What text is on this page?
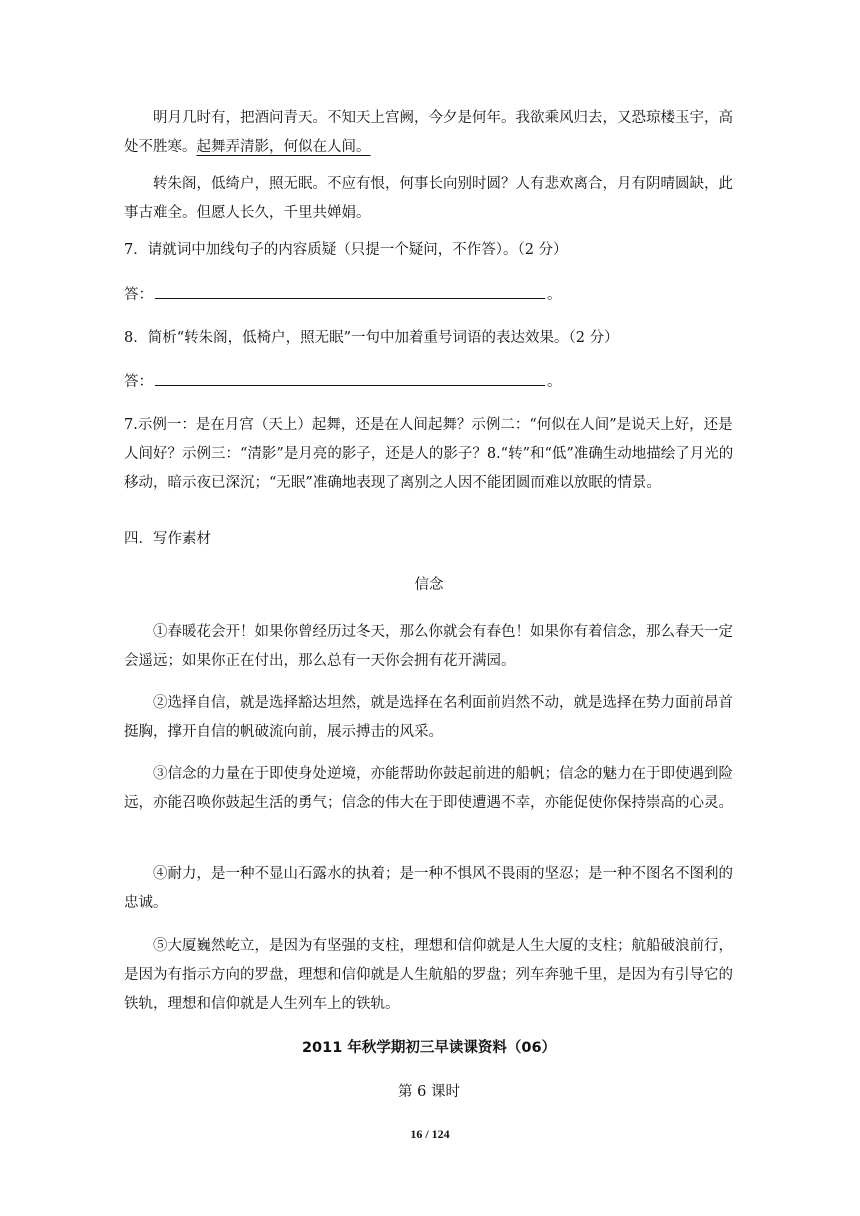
明月几时有，把酒问青天。不知天上宫阙，今夕是何年。我欲乘风归去，又恐琼楼玉宇，高处不胜寒。起舞弄清影，何似在人间。

转朱阁，低绮户，照无眠。不应有恨，何事长向别时圆？人有悲欢离合，月有阴晴圆缺，此事古难全。但愿人长久，千里共婵娟。

7．请就词中加线句子的内容质疑（只提一个疑问，不作答）。（2 分）

答：	。

8．简析“转朱阁，低椅户，照无眠”一句中加着重号词语的表达效果。（2 分）

答：	。

7.示例一：是在月宫（天上）起舞，还是在人间起舞？示例二：“何似在人间”是说天上好，还是人间好？示例三：“清影”是月亮的影子，还是人的影子？8.“转”和“低”准确生动地描绘了月光的移动，暗示夜已深沉；“无眠”准确地表现了离别之人因不能团圆而难以放眠的情景。

四．写作素材

信念

①春暖花会开！如果你曾经历过冬天，那么你就会有春色！如果你有着信念，那么春天一定会遥远；如果你正在付出，那么总有一天你会拥有花开满园。

②选择自信，就是选择豁达坦然，就是选择在名利面前岿然不动，就是选择在势力面前昂首挺胸，撑开自信的帆破流向前，展示搏击的风采。

③信念的力量在于即使身处逆境，亦能帮助你鼓起前进的船帆；信念的魅力在于即使遇到险远，亦能召唤你鼓起生活的勇气；信念的伟大在于即使遭遇不幸，亦能促使你保持崇高的心灵。

④耐力，是一种不显山石露水的执着；是一种不惧风不畏雨的坚忍；是一种不图名不图利的忠诚。

⑤大厦巍然屹立，是因为有坚强的支柱，理想和信仰就是人生大厦的支柱；航船破浪前行，是因为有指示方向的罗盘，理想和信仰就是人生航船的罗盘；列车奔驰千里，是因为有引导它的铁轨，理想和信仰就是人生列车上的铁轨。

2011 年秋学期初三早读课资料（06）

第 6 课时

16 / 124
